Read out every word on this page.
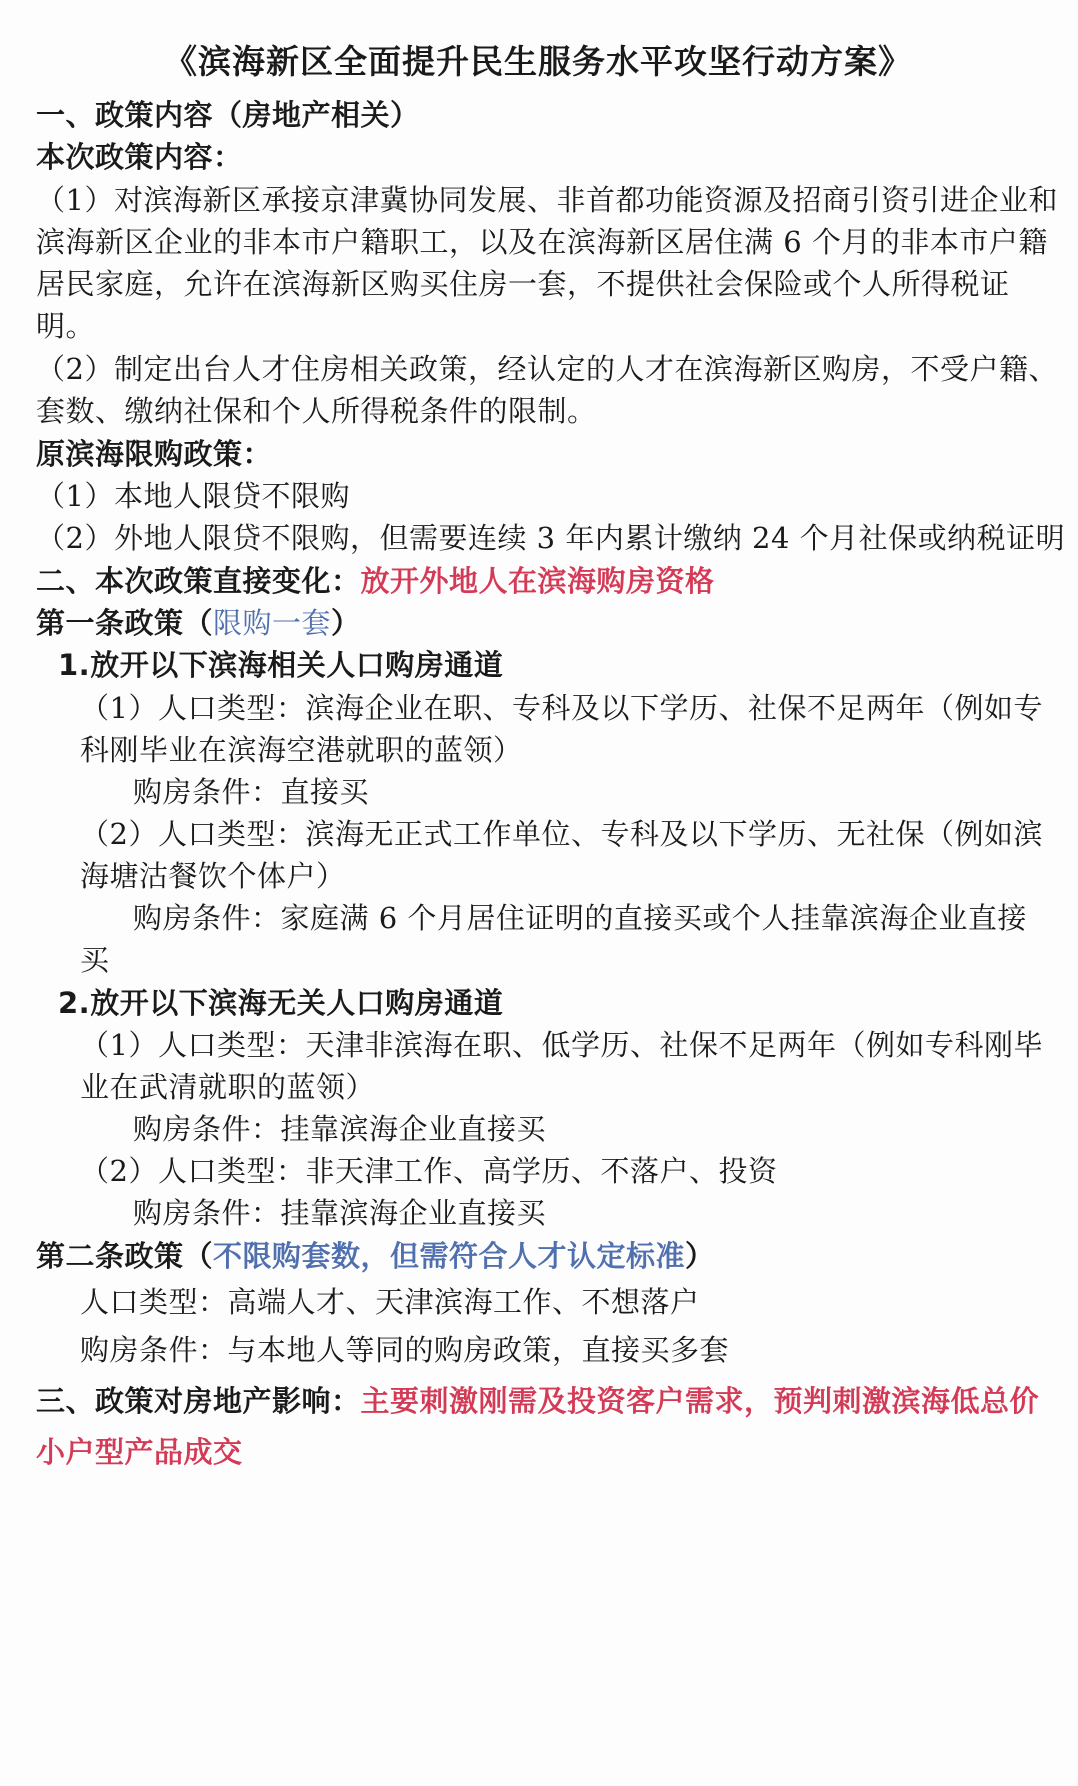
《滨海新区全面提升民生服务水平攻坚行动方案》
一、政策内容（房地产相关）
本次政策内容：
（1）对滨海新区承接京津冀协同发展、非首都功能资源及招商引资引进企业和
滨海新区企业的非本市户籍职工，以及在滨海新区居住满 6 个月的非本市户籍
居民家庭，允许在滨海新区购买住房一套，不提供社会保险或个人所得税证
明。
（2）制定出台人才住房相关政策，经认定的人才在滨海新区购房，不受户籍、
套数、缴纳社保和个人所得税条件的限制。
原滨海限购政策：
（1）本地人限贷不限购
（2）外地人限贷不限购，但需要连续 3 年内累计缴纳 24 个月社保或纳税证明
二、本次政策直接变化：放开外地人在滨海购房资格
第一条政策（限购一套）
1.放开以下滨海相关人口购房通道
（1）人口类型：滨海企业在职、专科及以下学历、社保不足两年（例如专
科刚毕业在滨海空港就职的蓝领）
购房条件：直接买
（2）人口类型：滨海无正式工作单位、专科及以下学历、无社保（例如滨
海塘沽餐饮个体户）
购房条件：家庭满 6 个月居住证明的直接买或个人挂靠滨海企业直接
买
2.放开以下滨海无关人口购房通道
（1）人口类型：天津非滨海在职、低学历、社保不足两年（例如专科刚毕
业在武清就职的蓝领）
购房条件：挂靠滨海企业直接买
（2）人口类型：非天津工作、高学历、不落户、投资
购房条件：挂靠滨海企业直接买
第二条政策（不限购套数，但需符合人才认定标准）
人口类型：高端人才、天津滨海工作、不想落户
购房条件：与本地人等同的购房政策，直接买多套
三、政策对房地产影响：主要刺激刚需及投资客户需求，预判刺激滨海低总价
小户型产品成交
